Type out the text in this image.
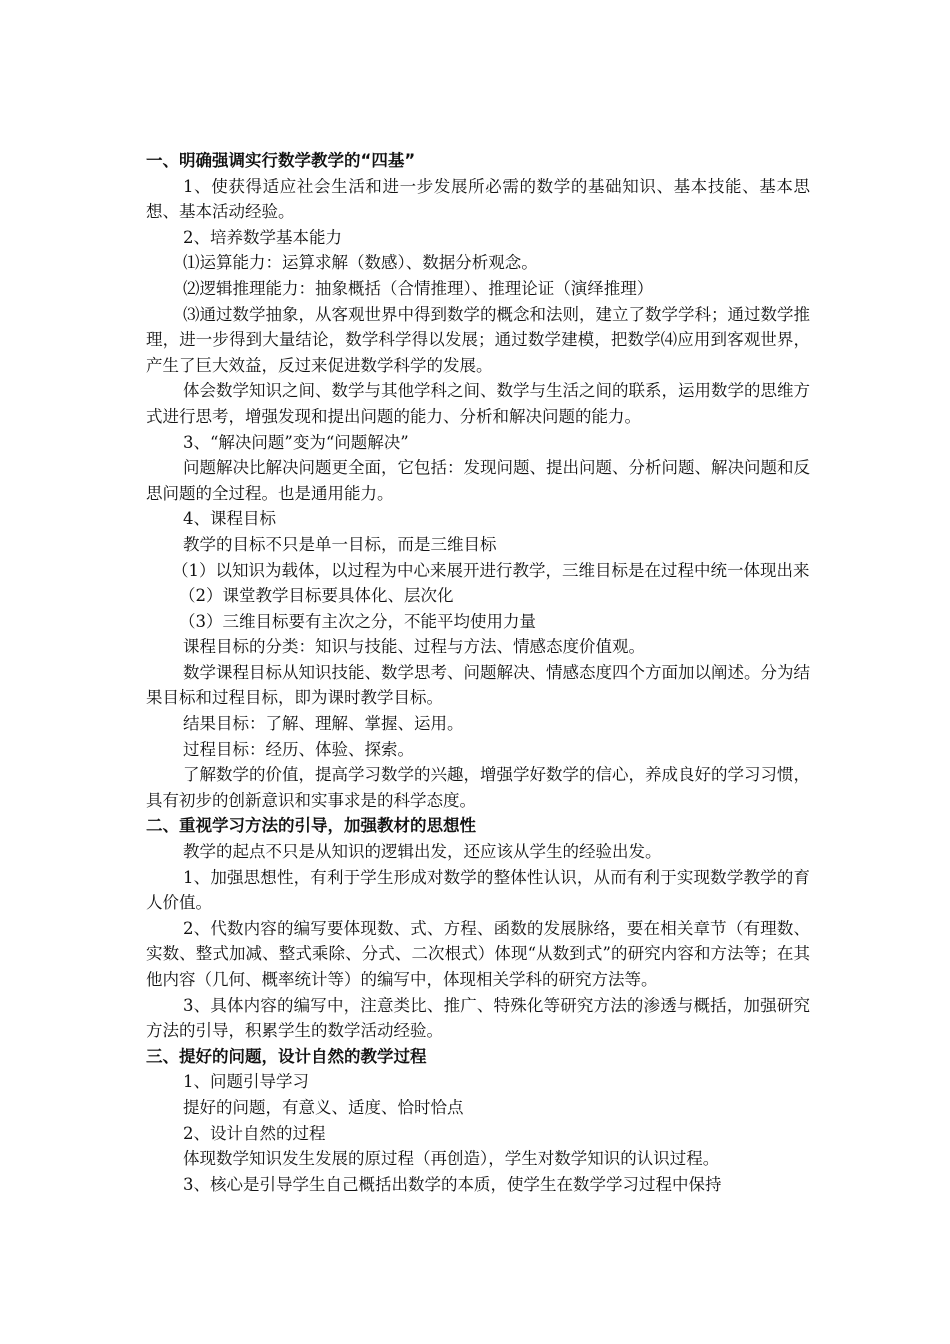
一、明确强调实行数学教学的“四基”

1、使获得适应社会生活和进一步发展所必需的数学的基础知识、基本技能、基本思想、基本活动经验。

2、培养数学基本能力

⑴运算能力：运算求解（数感）、数据分析观念。

⑵逻辑推理能力：抽象概括（合情推理）、推理论证（演绎推理）

⑶通过数学抽象，从客观世界中得到数学的概念和法则，建立了数学学科；通过数学推理，进一步得到大量结论，数学科学得以发展；通过数学建模，把数学⑷应用到客观世界，产生了巨大效益，反过来促进数学科学的发展。

体会数学知识之间、数学与其他学科之间、数学与生活之间的联系，运用数学的思维方式进行思考，增强发现和提出问题的能力、分析和解决问题的能力。

3、“解决问题”变为“问题解决”

问题解决比解决问题更全面，它包括：发现问题、提出问题、分析问题、解决问题和反思问题的全过程。也是通用能力。

4、课程目标

教学的目标不只是单一目标，而是三维目标

（1）以知识为载体，以过程为中心来展开进行教学，三维目标是在过程中统一体现出来

（2）课堂教学目标要具体化、层次化

（3）三维目标要有主次之分，不能平均使用力量

课程目标的分类：知识与技能、过程与方法、情感态度价值观。

数学课程目标从知识技能、数学思考、问题解决、情感态度四个方面加以阐述。分为结果目标和过程目标，即为课时教学目标。

结果目标：了解、理解、掌握、运用。

过程目标：经历、体验、探索。

了解数学的价值，提高学习数学的兴趣，增强学好数学的信心，养成良好的学习习惯，具有初步的创新意识和实事求是的科学态度。

二、重视学习方法的引导，加强教材的思想性

教学的起点不只是从知识的逻辑出发，还应该从学生的经验出发。

1、加强思想性，有利于学生形成对数学的整体性认识，从而有利于实现数学教学的育人价值。

2、代数内容的编写要体现数、式、方程、函数的发展脉络，要在相关章节（有理数、实数、整式加减、整式乘除、分式、二次根式）体现“从数到式”的研究内容和方法等；在其他内容（几何、概率统计等）的编写中，体现相关学科的研究方法等。

3、具体内容的编写中，注意类比、推广、特殊化等研究方法的渗透与概括，加强研究方法的引导，积累学生的数学活动经验。

三、提好的问题，设计自然的教学过程

1、问题引导学习

提好的问题，有意义、适度、恰时恰点

2、设计自然的过程

体现数学知识发生发展的原过程（再创造），学生对数学知识的认识过程。

3、核心是引导学生自己概括出数学的本质，使学生在数学学习过程中保持
